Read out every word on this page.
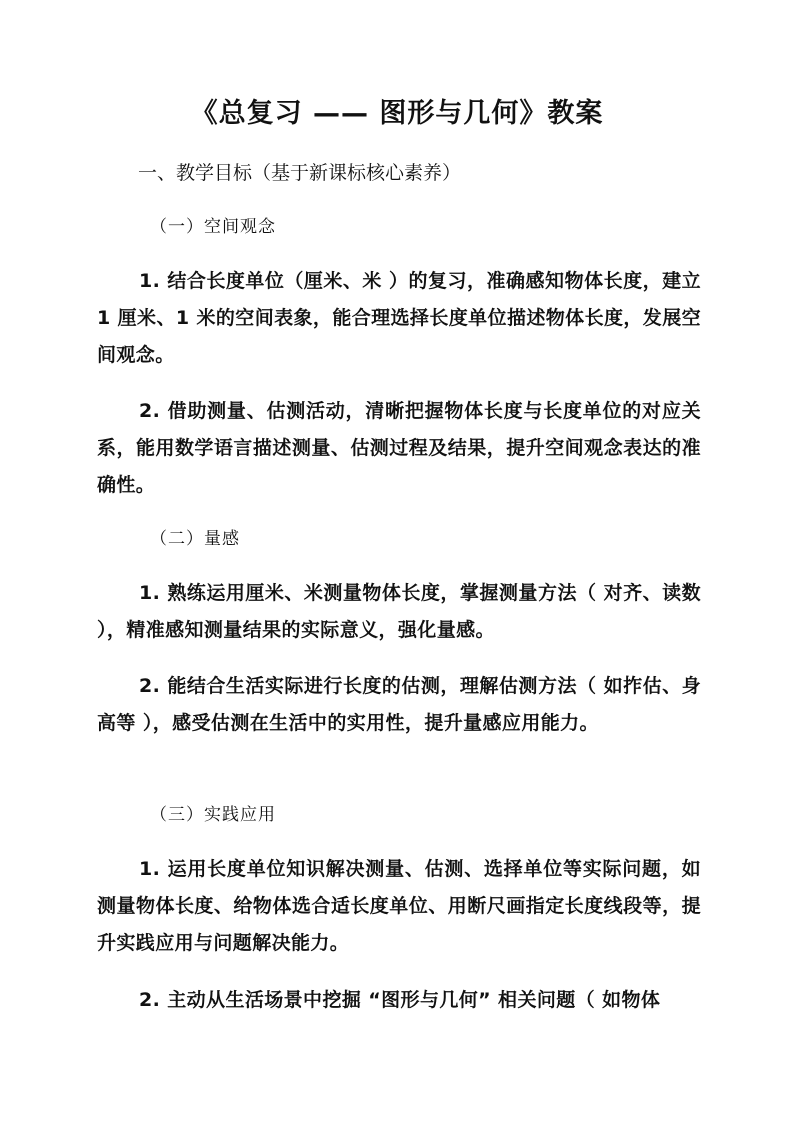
《总复习 —— 图形与几何》教案
一、教学目标（基于新课标核心素养）
（一）空间观念
1. 结合长度单位（厘米、米 ）的复习，准确感知物体长度，建立 1 厘米、1 米的空间表象，能合理选择长度单位描述物体长度，发展空间观念。
2. 借助测量、估测活动，清晰把握物体长度与长度单位的对应关系，能用数学语言描述测量、估测过程及结果，提升空间观念表达的准确性。
（二）量感
1. 熟练运用厘米、米测量物体长度，掌握测量方法（ 对齐、读数 ），精准感知测量结果的实际意义，强化量感。
2. 能结合生活实际进行长度的估测，理解估测方法（ 如拃估、身高等 ），感受估测在生活中的实用性，提升量感应用能力。
（三）实践应用
1. 运用长度单位知识解决测量、估测、选择单位等实际问题，如测量物体长度、给物体选合适长度单位、用断尺画指定长度线段等，提升实践应用与问题解决能力。
2. 主动从生活场景中挖掘 “图形与几何” 相关问题（ 如物体
